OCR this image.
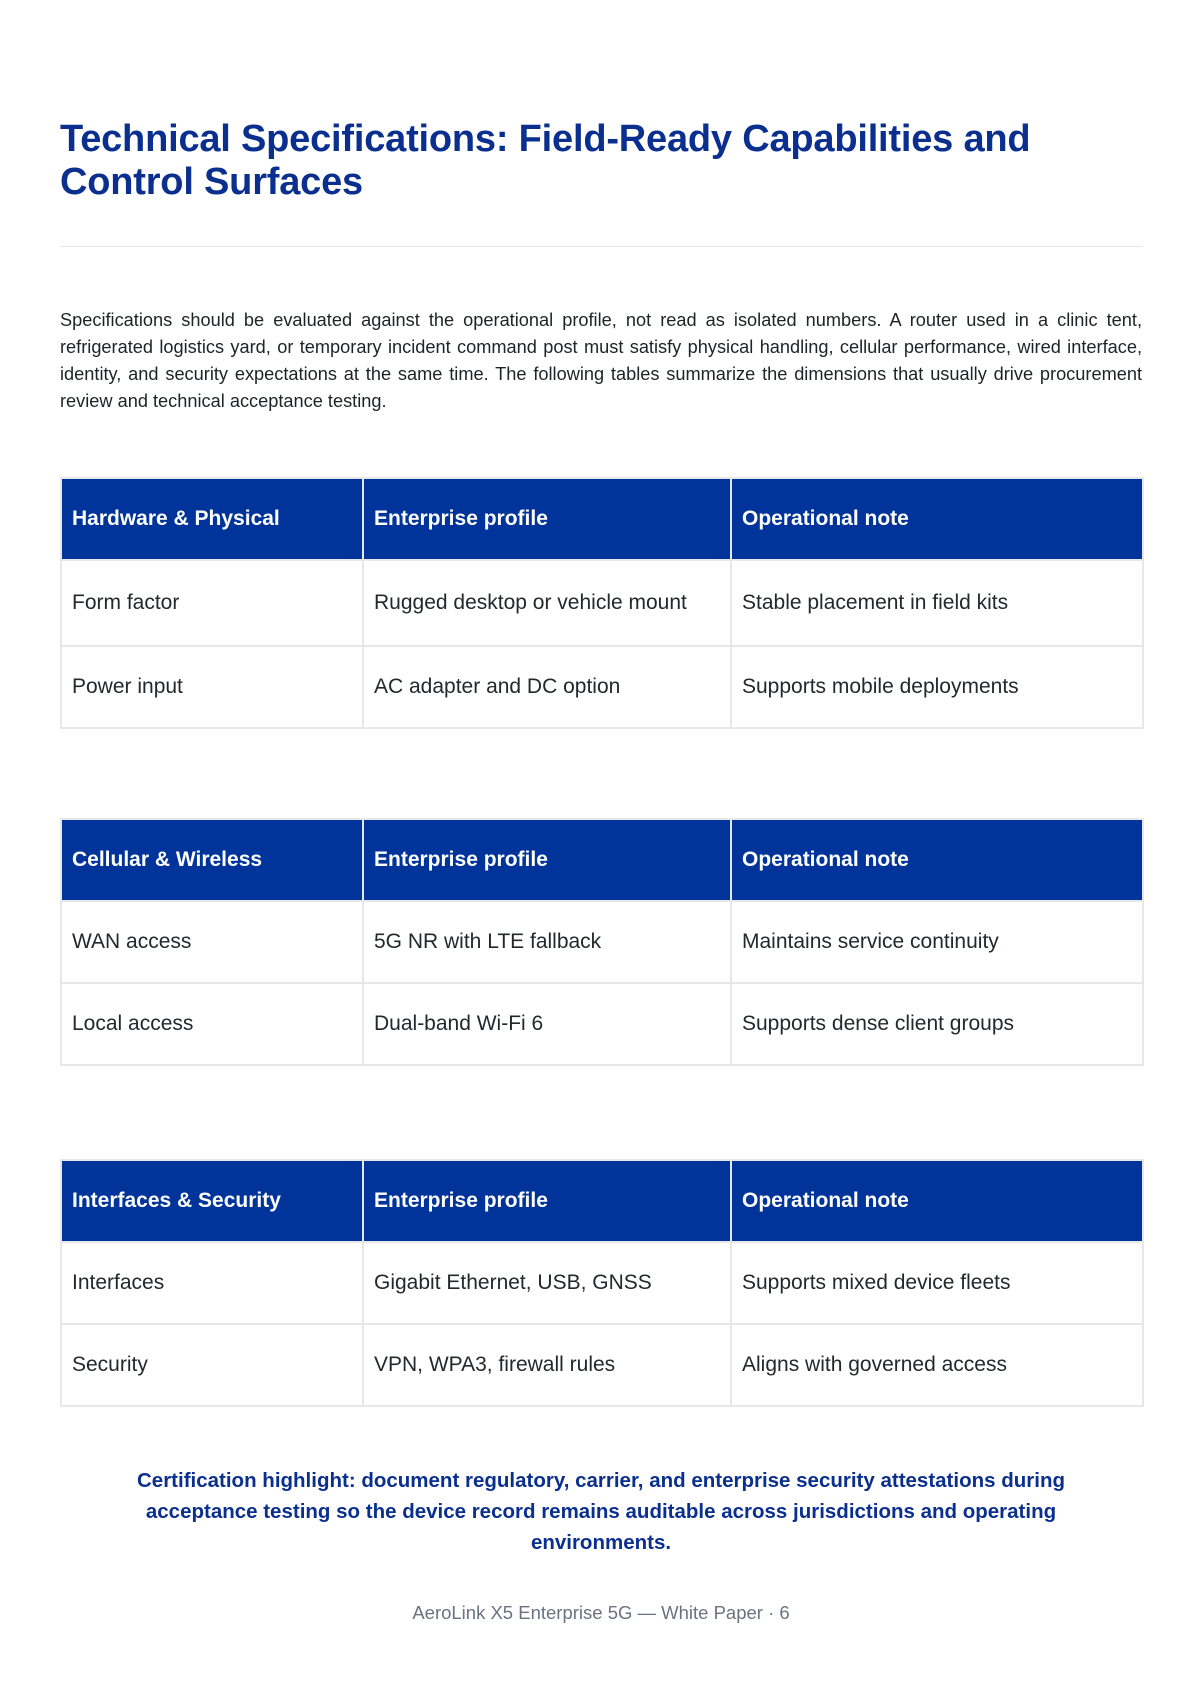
Technical Specifications: Field-Ready Capabilities and Control Surfaces

Specifications should be evaluated against the operational profile, not read as isolated numbers. A router used in a clinic tent, refrigerated logistics yard, or temporary incident command post must satisfy physical handling, cellular performance, wired interface, identity, and security expectations at the same time. The following tables summarize the dimensions that usually drive procurement review and technical acceptance testing.

Hardware & Physical	Enterprise profile	Operational note
Form factor	Rugged desktop or vehicle mount	Stable placement in field kits
Power input	AC adapter and DC option	Supports mobile deployments
Cellular & Wireless	Enterprise profile	Operational note
WAN access	5G NR with LTE fallback	Maintains service continuity
Local access	Dual-band Wi-Fi 6	Supports dense client groups
Interfaces & Security	Enterprise profile	Operational note
Interfaces	Gigabit Ethernet, USB, GNSS	Supports mixed device fleets
Security	VPN, WPA3, firewall rules	Aligns with governed access

Certification highlight: document regulatory, carrier, and enterprise security attestations during acceptance testing so the device record remains auditable across jurisdictions and operating environments.

AeroLink X5 Enterprise 5G — White Paper · 6
